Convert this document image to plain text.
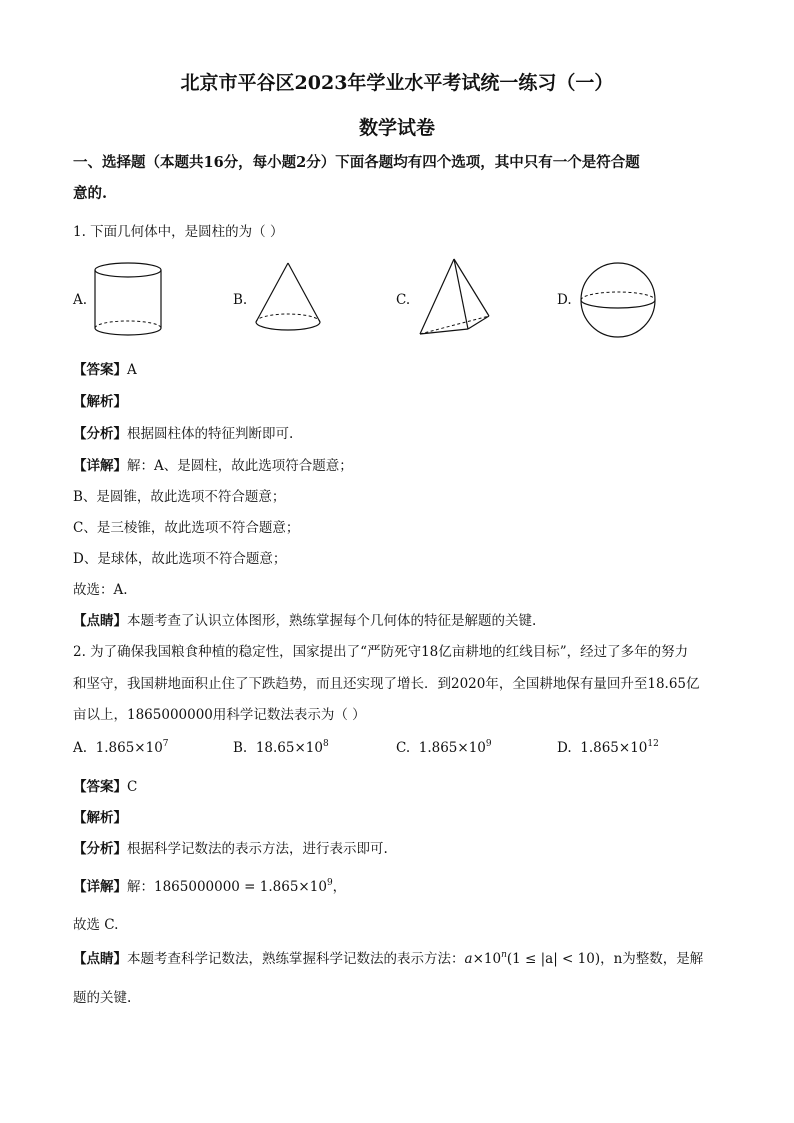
北京市平谷区2023年学业水平考试统一练习（一）
数学试卷
一、选择题（本题共16分，每小题2分）下面各题均有四个选项，其中只有一个是符合题
意的.
1. 下面几何体中，是圆柱的为（ ）
A.	B.	C.	D.
【答案】A
【解析】
【分析】根据圆柱体的特征判断即可.
【详解】解：A、是圆柱，故此选项符合题意；
B、是圆锥，故此选项不符合题意；
C、是三棱锥，故此选项不符合题意；
D、是球体，故此选项不符合题意；
故选：A.
【点睛】本题考查了认识立体图形，熟练掌握每个几何体的特征是解题的关键.
2. 为了确保我国粮食种植的稳定性，国家提出了“严防死守18亿亩耕地的红线目标”，经过了多年的努力
和坚守，我国耕地面积止住了下跌趋势，而且还实现了增长．到2020年，全国耕地保有量回升至18.65亿
亩以上，1865000000用科学记数法表示为（ ）
A. $1.865\times 10^7$	B. $18.65\times 10^8$	C. $1.865\times 10^9$	D. $1.865\times 10^{12}$
【答案】C
【解析】
【分析】根据科学记数法的表示方法，进行表示即可.
【详解】解：$1865000000 = 1.865\times 10^9$，
故选 C.
【点睛】本题考查科学记数法，熟练掌握科学记数法的表示方法：$a\times 10^n(1 \le |a| < 10)$，n为整数，是解
题的关键.
